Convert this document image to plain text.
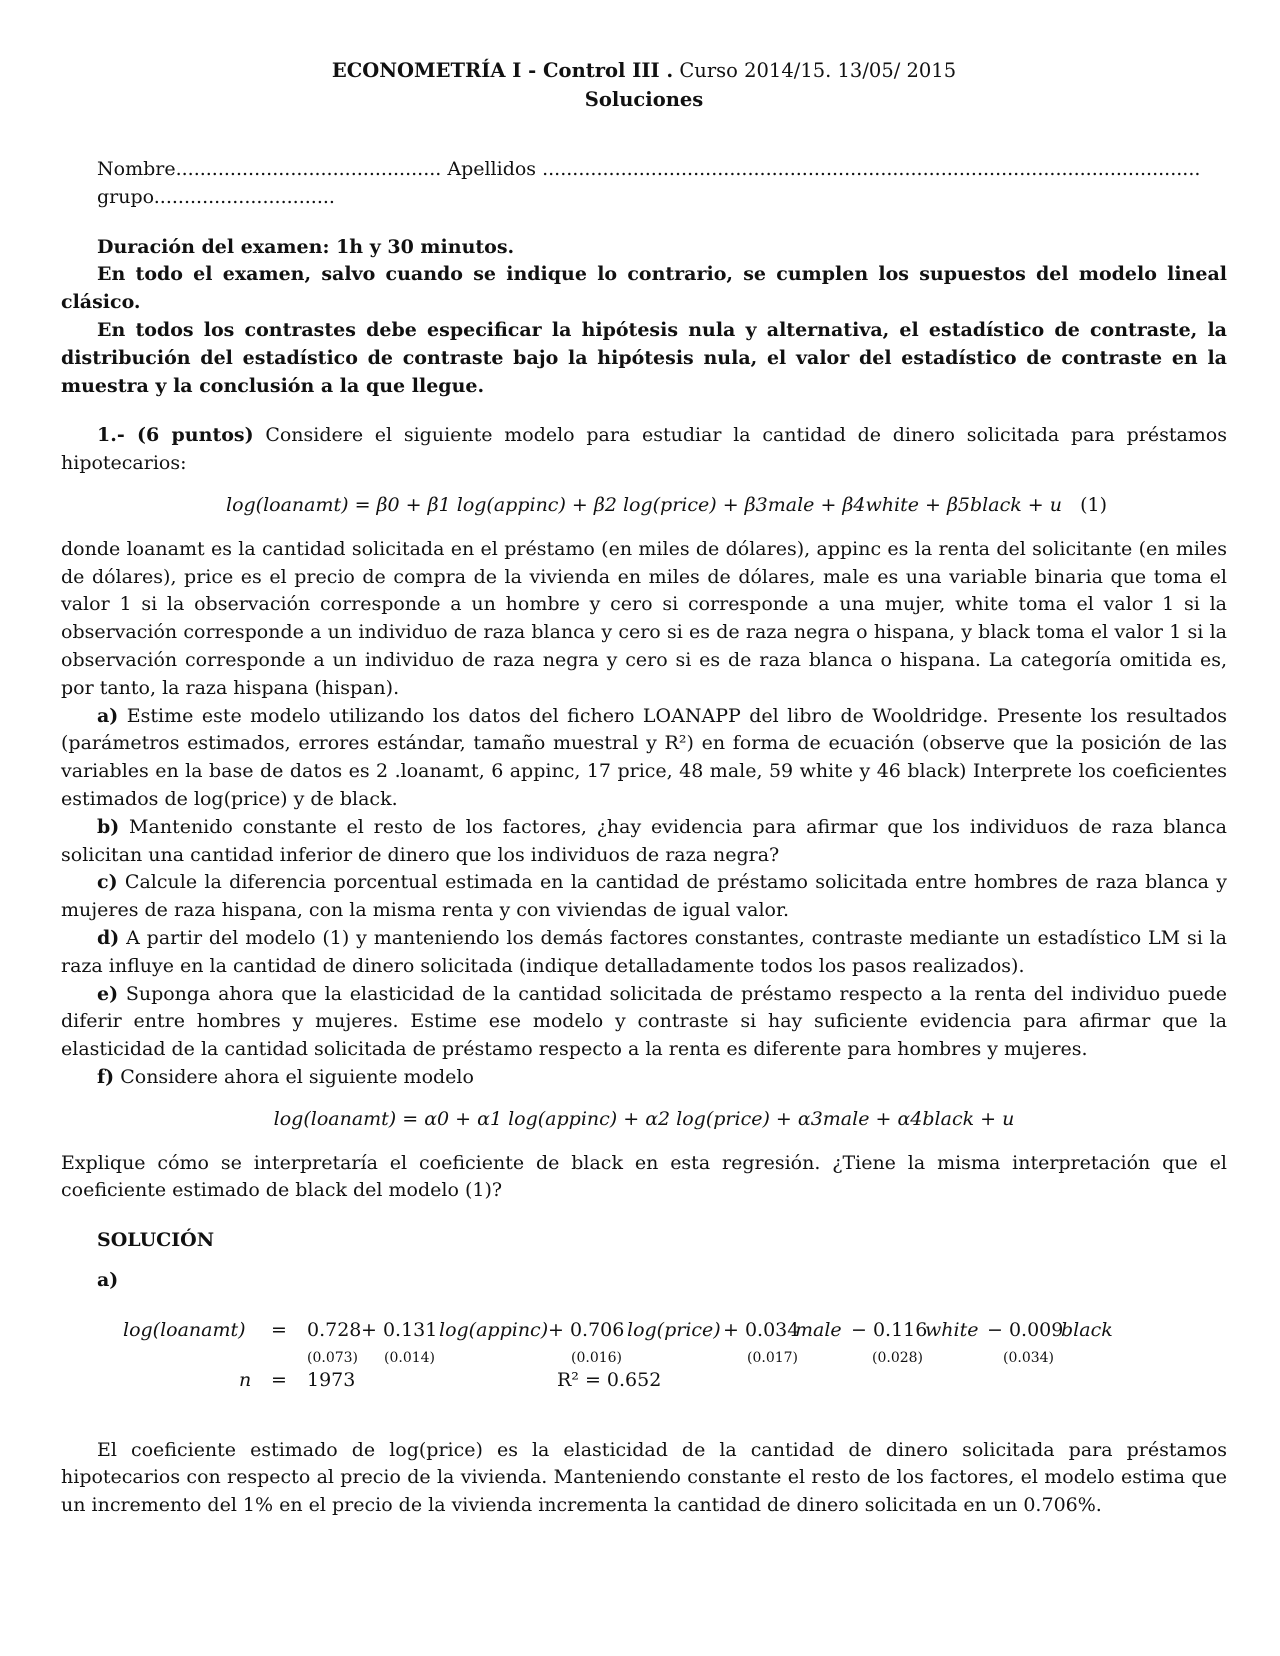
ECONOMETRÍA I - Control III . Curso 2014/15. 13/05/ 2015
Soluciones

Nombre............................................ Apellidos .............................................................................................................

grupo..............................

Duración del examen: 1h y 30 minutos.

En todo el examen, salvo cuando se indique lo contrario, se cumplen los supuestos del modelo lineal clásico.

En todos los contrastes debe especificar la hipótesis nula y alternativa, el estadístico de contraste, la distribución del estadístico de contraste bajo la hipótesis nula, el valor del estadístico de contraste en la muestra y la conclusión a la que llegue.

1.- (6 puntos) Considere el siguiente modelo para estudiar la cantidad de dinero solicitada para préstamos hipotecarios:

log(loanamt) = β0 + β1 log(appinc) + β2 log(price) + β3male + β4white + β5black + u (1)

donde loanamt es la cantidad solicitada en el préstamo (en miles de dólares), appinc es la renta del solicitante (en miles de dólares), price es el precio de compra de la vivienda en miles de dólares, male es una variable binaria que toma el valor 1 si la observación corresponde a un hombre y cero si corresponde a una mujer, white toma el valor 1 si la observación corresponde a un individuo de raza blanca y cero si es de raza negra o hispana, y black toma el valor 1 si la observación corresponde a un individuo de raza negra y cero si es de raza blanca o hispana. La categoría omitida es, por tanto, la raza hispana (hispan).

a) Estime este modelo utilizando los datos del fichero LOANAPP del libro de Wooldridge. Presente los resultados (parámetros estimados, errores estándar, tamaño muestral y R²) en forma de ecuación (observe que la posición de las variables en la base de datos es 2 .loanamt, 6 appinc, 17 price, 48 male, 59 white y 46 black) Interprete los coeficientes estimados de log(price) y de black.

b) Mantenido constante el resto de los factores, ¿hay evidencia para afirmar que los individuos de raza blanca solicitan una cantidad inferior de dinero que los individuos de raza negra?

c) Calcule la diferencia porcentual estimada en la cantidad de préstamo solicitada entre hombres de raza blanca y mujeres de raza hispana, con la misma renta y con viviendas de igual valor.

d) A partir del modelo (1) y manteniendo los demás factores constantes, contraste mediante un estadístico LM si la raza influye en la cantidad de dinero solicitada (indique detalladamente todos los pasos realizados).

e) Suponga ahora que la elasticidad de la cantidad solicitada de préstamo respecto a la renta del individuo puede diferir entre hombres y mujeres. Estime ese modelo y contraste si hay suficiente evidencia para afirmar que la elasticidad de la cantidad solicitada de préstamo respecto a la renta es diferente para hombres y mujeres.

f) Considere ahora el siguiente modelo

log(loanamt) = α0 + α1 log(appinc) + α2 log(price) + α3male + α4black + u

Explique cómo se interpretaría el coeficiente de black en esta regresión. ¿Tiene la misma interpretación que el coeficiente estimado de black del modelo (1)?

SOLUCIÓN

a)

log(loanamt) = 0.728
(0.073)
+ 0.131 log(appinc)
(0.014)
+ 0.706 log(price)
(0.016)
+ 0.034
male
(0.017)
− 0.116
white
(0.028)
− 0.009
black
(0.034)
n = 1973	R² = 0.652

El coeficiente estimado de log(price) es la elasticidad de la cantidad de dinero solicitada para préstamos hipotecarios con respecto al precio de la vivienda. Manteniendo constante el resto de los factores, el modelo estima que un incremento del 1% en el precio de la vivienda incrementa la cantidad de dinero solicitada en un 0.706%.
